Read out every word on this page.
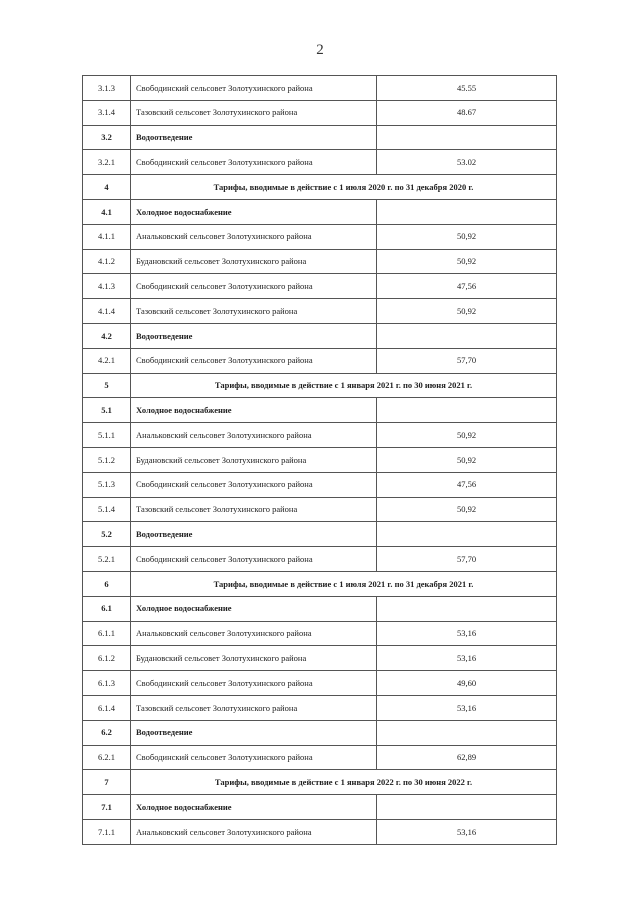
2
3.1.3	Свободинский сельсовет Золотухинского района	45.55
3.1.4	Тазовский сельсовет Золотухинского района	48.67
3.2	Водоотведение	
3.2.1	Свободинский сельсовет Золотухинского района	53.02
4	Тарифы, вводимые в действие с 1 июля 2020 г. по 31 декабря 2020 г.	
4.1	Холодное водоснабжение	
4.1.1	Анальковский сельсовет Золотухинского района	50,92
4.1.2	Будановский сельсовет Золотухинского района	50,92
4.1.3	Свободинский сельсовет Золотухинского района	47,56
4.1.4	Тазовский сельсовет Золотухинского района	50,92
4.2	Водоотведение	
4.2.1	Свободинский сельсовет Золотухинского района	57,70
5	Тарифы, вводимые в действие с 1 января 2021 г. по 30 июня 2021 г.	
5.1	Холодное водоснабжение	
5.1.1	Анальковский сельсовет Золотухинского района	50,92
5.1.2	Будановский сельсовет Золотухинского района	50,92
5.1.3	Свободинский сельсовет Золотухинского района	47,56
5.1.4	Тазовский сельсовет Золотухинского района	50,92
5.2	Водоотведение	
5.2.1	Свободинский сельсовет Золотухинского района	57,70
6	Тарифы, вводимые в действие с 1 июля 2021 г. по 31 декабря 2021 г.	
6.1	Холодное водоснабжение	
6.1.1	Анальковский сельсовет Золотухинского района	53,16
6.1.2	Будановский сельсовет Золотухинского района	53,16
6.1.3	Свободинский сельсовет Золотухинского района	49,60
6.1.4	Тазовский сельсовет Золотухинского района	53,16
6.2	Водоотведение	
6.2.1	Свободинский сельсовет Золотухинского района	62,89
7	Тарифы, вводимые в действие с 1 января 2022 г. по 30 июня 2022 г.	
7.1	Холодное водоснабжение	
7.1.1	Анальковский сельсовет Золотухинского района	53,16
